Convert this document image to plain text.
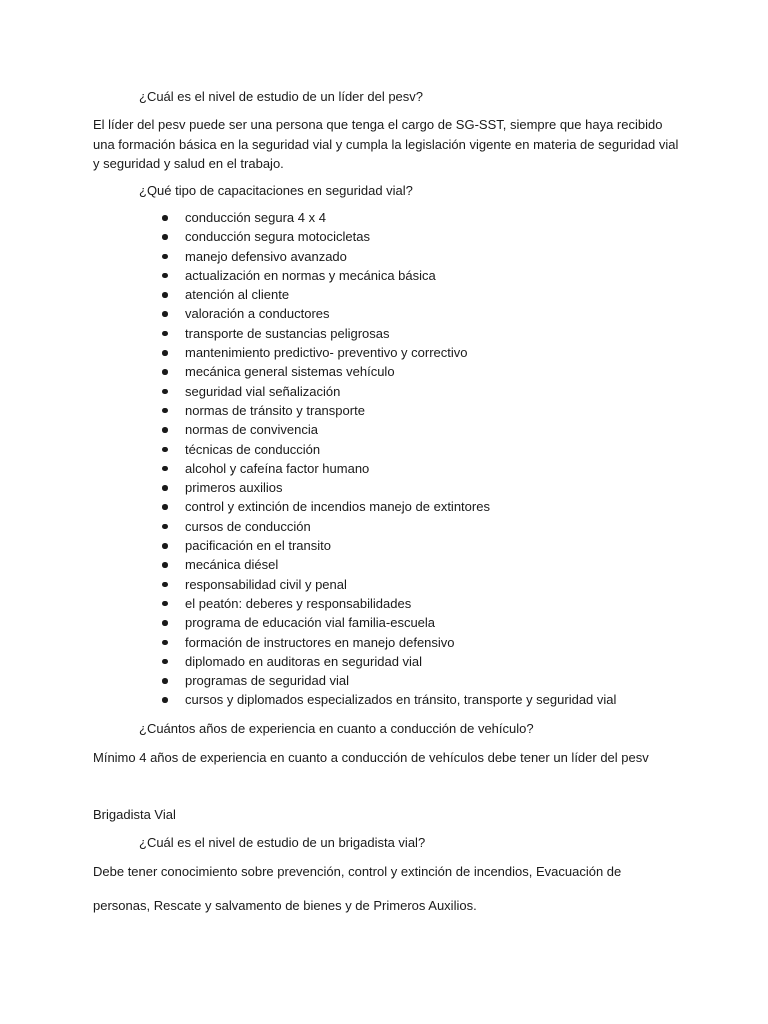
¿Cuál es el nivel de estudio de un líder del pesv?
El líder del pesv puede ser una persona que tenga el cargo de SG-SST, siempre que haya recibido una formación básica en la seguridad vial y cumpla la legislación vigente en materia de seguridad vial y seguridad y salud en el trabajo.
¿Qué tipo de capacitaciones en seguridad vial?
conducción segura 4 x 4
conducción segura motocicletas
manejo defensivo avanzado
actualización en normas y mecánica básica
atención al cliente
valoración a conductores
transporte de sustancias peligrosas
mantenimiento predictivo- preventivo y correctivo
mecánica general sistemas vehículo
seguridad vial señalización
normas de tránsito y transporte
normas de convivencia
técnicas de conducción
alcohol y cafeína factor humano
primeros auxilios
control y extinción de incendios manejo de extintores
cursos de conducción
pacificación en el transito
mecánica diésel
responsabilidad civil y penal
el peatón: deberes y responsabilidades
programa de educación vial familia-escuela
formación de instructores en manejo defensivo
diplomado en auditoras en seguridad vial
programas de seguridad vial
cursos y diplomados especializados en tránsito, transporte y seguridad vial
¿Cuántos años de experiencia en cuanto a conducción de vehículo?
Mínimo 4 años de experiencia en cuanto a conducción de vehículos debe tener un líder del pesv
Brigadista Vial
¿Cuál es el nivel de estudio de un brigadista vial?
Debe tener conocimiento sobre prevención, control y extinción de incendios, Evacuación de
personas, Rescate y salvamento de bienes y de Primeros Auxilios.
